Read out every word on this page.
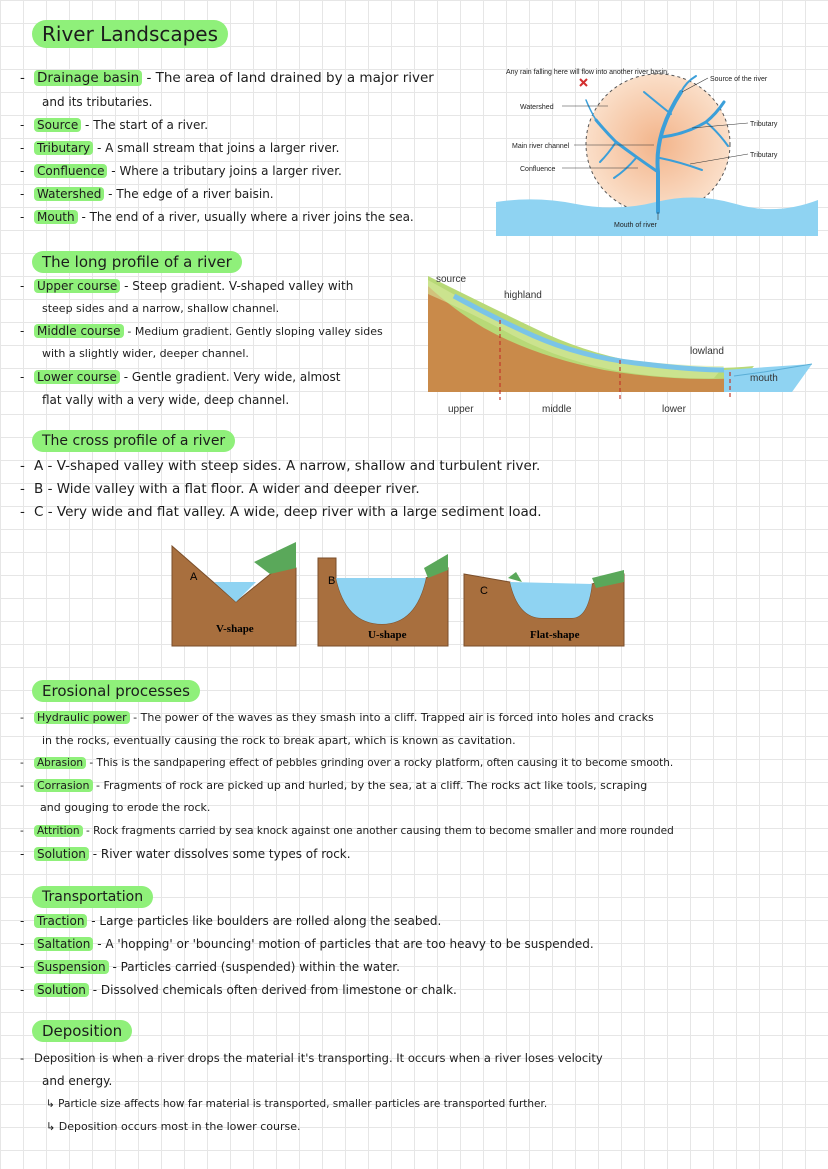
River Landscapes
- Drainage basin - The area of land drained by a major river
and its tributaries.
- Source - The start of a river.
- Tributary - A small stream that joins a larger river.
- Confluence - Where a tributary joins a larger river.
- Watershed - The edge of a river baisin.
- Mouth - The end of a river, usually where a river joins the sea.
Any rain falling here will flow into another river basin.
Watershed
Main river channel
Confluence
Mouth of river
Source of the river
Tributary
Tributary
The long profile of a river
- Upper course - Steep gradient. V-shaped valley with
steep sides and a narrow, shallow channel.
- Middle course - Medium gradient. Gently sloping valley sides
with a slightly wider, deeper channel.
- Lower course - Gentle gradient. Very wide, almost
flat vally with a very wide, deep channel.
source
highland
lowland
mouth
upper	middle	lower
The cross profile of a river
- A - V-shaped valley with steep sides. A narrow, shallow and turbulent river.
- B - Wide valley with a flat floor. A wider and deeper river.
- C - Very wide and flat valley. A wide, deep river with a large sediment load.
A
V-shape
B
U-shape
C
Flat-shape
Erosional processes
- Hydraulic power - The power of the waves as they smash into a cliff. Trapped air is forced into holes and cracks
in the rocks, eventually causing the rock to break apart, which is known as cavitation.
- Abrasion - This is the sandpapering effect of pebbles grinding over a rocky platform, often causing it to become smooth.
- Corrasion - Fragments of rock are picked up and hurled, by the sea, at a cliff. The rocks act like tools, scraping
and gouging to erode the rock.
- Attrition - Rock fragments carried by sea knock against one another causing them to become smaller and more rounded
- Solution - River water dissolves some types of rock.
Transportation
- Traction - Large particles like boulders are rolled along the seabed.
- Saltation - A 'hopping' or 'bouncing' motion of particles that are too heavy to be suspended.
- Suspension - Particles carried (suspended) within the water.
- Solution - Dissolved chemicals often derived from limestone or chalk.
Deposition
- Deposition is when a river drops the material it's transporting. It occurs when a river loses velocity
and energy.
↳ Particle size affects how far material is transported, smaller particles are transported further.
↳ Deposition occurs most in the lower course.
